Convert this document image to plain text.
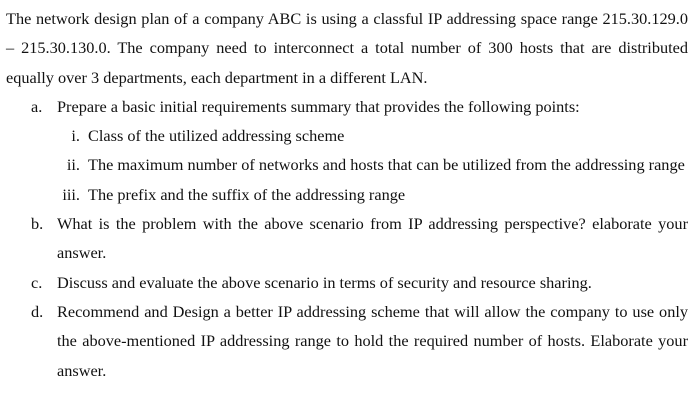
The network design plan of a company ABC is using a classful IP addressing space range 215.30.129.0 – 215.30.130.0. The company need to interconnect a total number of 300 hosts that are distributed equally over 3 departments, each department in a different LAN.

a. Prepare a basic initial requirements summary that provides the following points:
i. Class of the utilized addressing scheme
ii. The maximum number of networks and hosts that can be utilized from the addressing range
iii. The prefix and the suffix of the addressing range
b. What is the problem with the above scenario from IP addressing perspective? elaborate your answer.
c. Discuss and evaluate the above scenario in terms of security and resource sharing.
d. Recommend and Design a better IP addressing scheme that will allow the company to use only the above-mentioned IP addressing range to hold the required number of hosts. Elaborate your answer.
